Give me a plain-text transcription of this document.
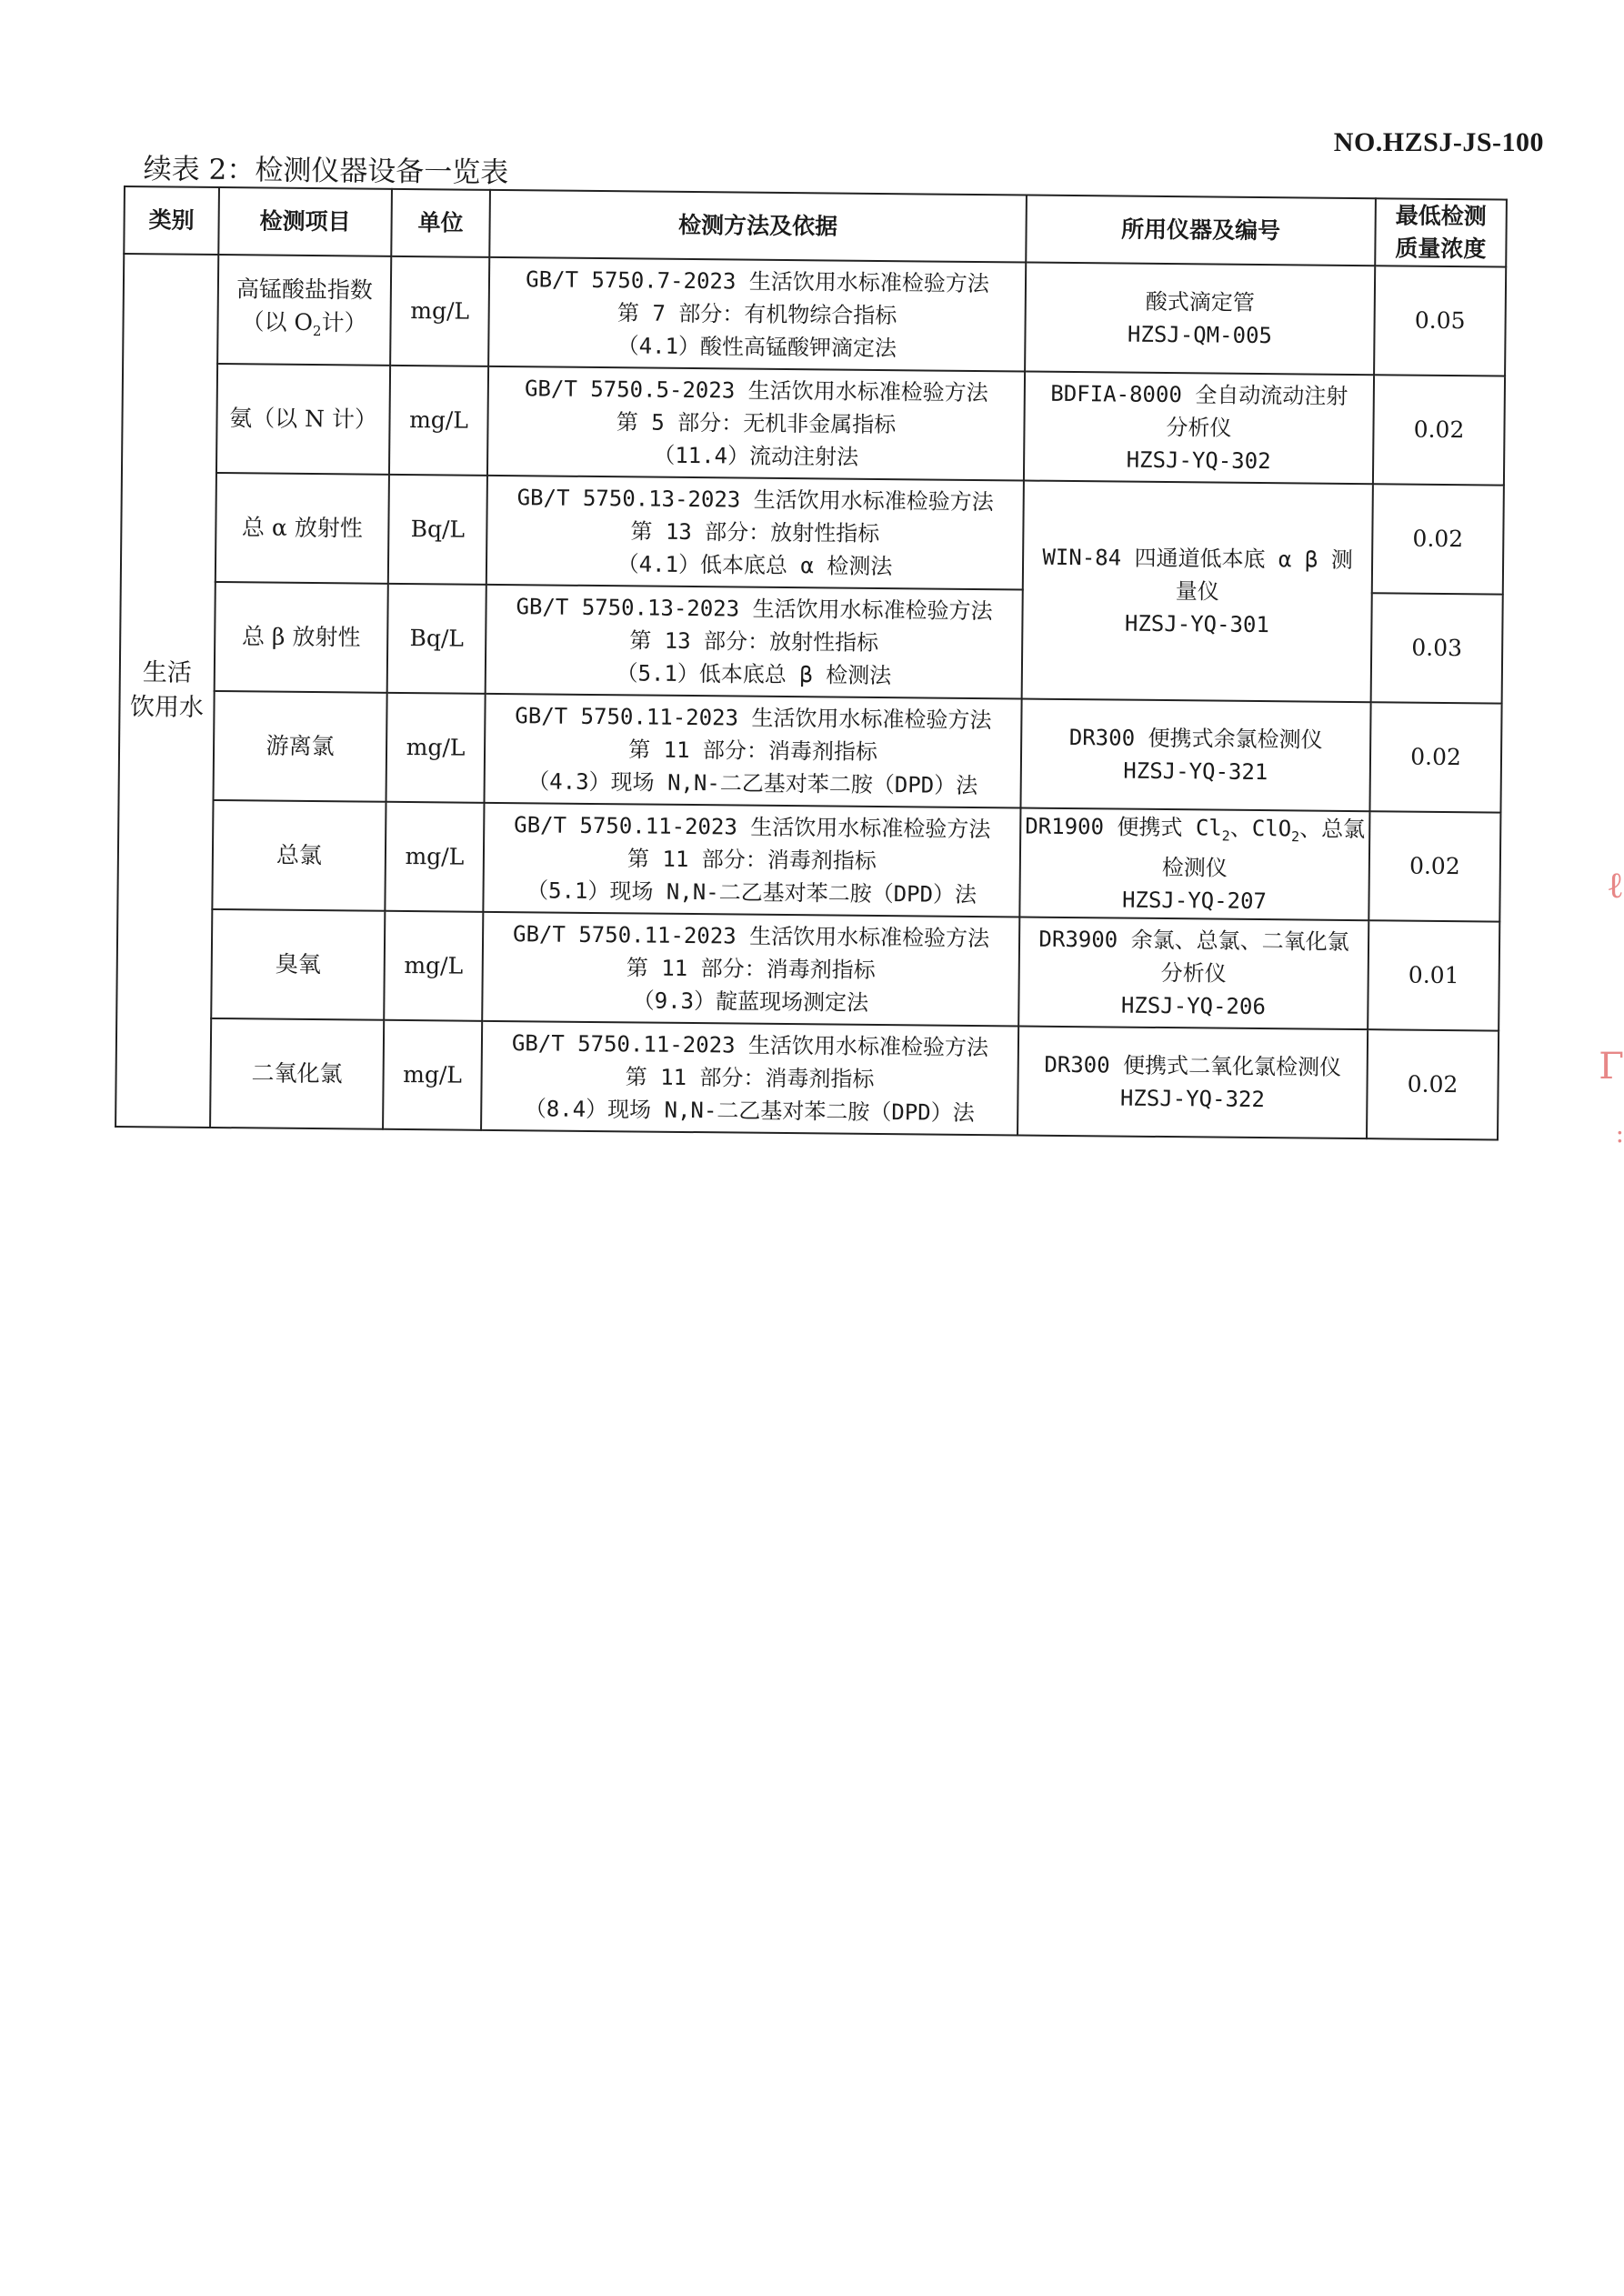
NO.HZSJ-JS-100
续表 2：检测仪器设备一览表
类别	检测项目	单位	检测方法及依据	所用仪器及编号	最低检测
质量浓度

生活
饮用水	高锰酸盐指数
（以 $O_2$计）	mg/L	GB/T 5750.7-2023 生活饮用水标准检验方法
第 7 部分：有机物综合指标
（4.1）酸性高锰酸钾滴定法	酸式滴定管
HZSJ-QM-005	0.05
	氨（以 N 计）	mg/L	GB/T 5750.5-2023 生活饮用水标准检验方法
第 5 部分：无机非金属指标
（11.4）流动注射法	BDFIA-8000 全自动流动注射
分析仪
HZSJ-YQ-302	0.02
	总 α 放射性	Bq/L	GB/T 5750.13-2023 生活饮用水标准检验方法
第 13 部分：放射性指标
（4.1）低本底总 α 检测法	WIN-84 四通道低本底 α β 测
量仪
HZSJ-YQ-301	0.02
	总 β 放射性	Bq/L	GB/T 5750.13-2023 生活饮用水标准检验方法
第 13 部分：放射性指标
（5.1）低本底总 β 检测法		0.03
	游离氯	mg/L	GB/T 5750.11-2023 生活饮用水标准检验方法
第 11 部分：消毒剂指标
（4.3）现场 N,N-二乙基对苯二胺（DPD）法	DR300 便携式余氯检测仪
HZSJ-YQ-321	0.02
	总氯	mg/L	GB/T 5750.11-2023 生活饮用水标准检验方法
第 11 部分：消毒剂指标
（5.1）现场 N,N-二乙基对苯二胺（DPD）法	DR1900 便携式 $Cl_2$、ClO$_2$、总氯
检测仪
HZSJ-YQ-207	0.02
	臭氧	mg/L	GB/T 5750.11-2023 生活饮用水标准检验方法
第 11 部分：消毒剂指标
（9.3）靛蓝现场测定法	DR3900 余氯、总氯、二氧化氯
分析仪
HZSJ-YQ-206	0.01
	二氧化氯	mg/L	GB/T 5750.11-2023 生活饮用水标准检验方法
第 11 部分：消毒剂指标
（8.4）现场 N,N-二乙基对苯二胺（DPD）法	DR300 便携式二氧化氯检测仪
HZSJ-YQ-322	0.02
ℓ
Γ
:
